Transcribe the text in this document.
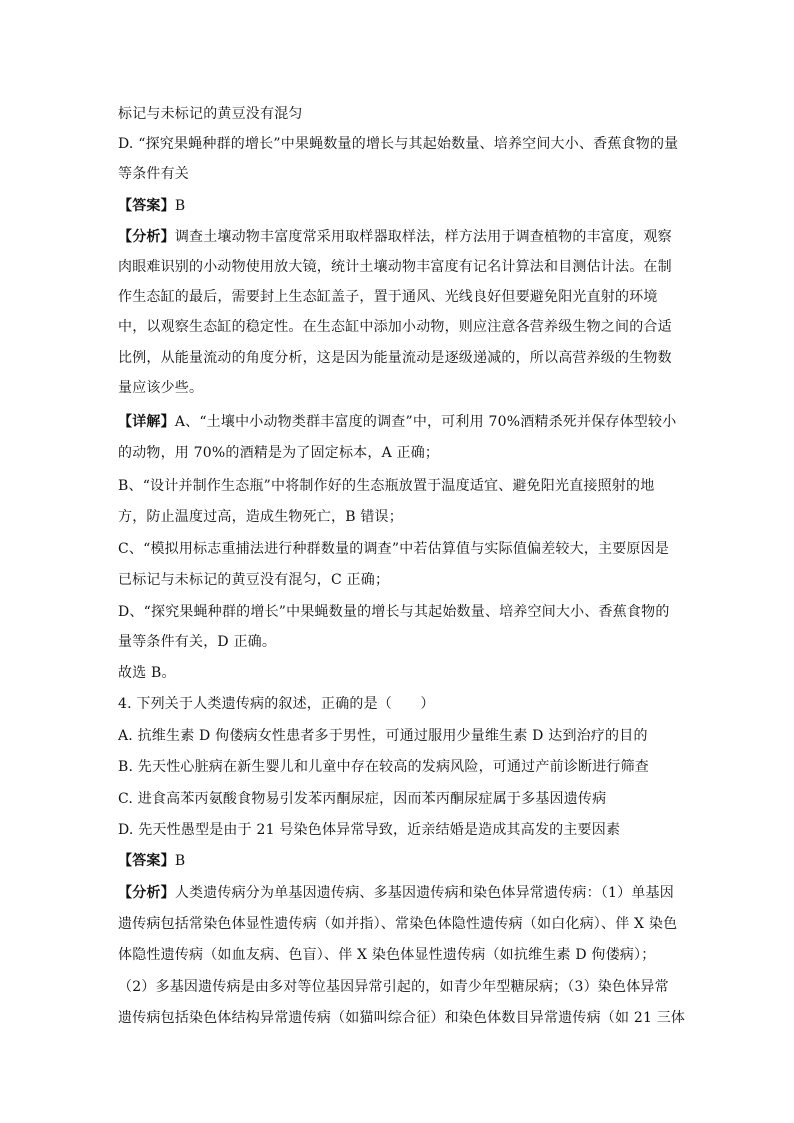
标记与未标记的黄豆没有混匀
D. “探究果蝇种群的增长”中果蝇数量的增长与其起始数量、培养空间大小、香蕉食物的量
等条件有关
【答案】B
【分析】调查土壤动物丰富度常采用取样器取样法，样方法用于调查植物的丰富度，观察
肉眼难识别的小动物使用放大镜，统计土壤动物丰富度有记名计算法和目测估计法。在制
作生态缸的最后，需要封上生态缸盖子，置于通风、光线良好但要避免阳光直射的环境
中，以观察生态缸的稳定性。在生态缸中添加小动物，则应注意各营养级生物之间的合适
比例，从能量流动的角度分析，这是因为能量流动是逐级递减的，所以高营养级的生物数
量应该少些。
【详解】A、“土壤中小动物类群丰富度的调查”中，可利用 70%酒精杀死并保存体型较小
的动物，用 70%的酒精是为了固定标本，A 正确；
B、“设计并制作生态瓶”中将制作好的生态瓶放置于温度适宜、避免阳光直接照射的地
方，防止温度过高，造成生物死亡，B 错误；
C、“模拟用标志重捕法进行种群数量的调查”中若估算值与实际值偏差较大，主要原因是
已标记与未标记的黄豆没有混匀，C 正确；
D、“探究果蝇种群的增长”中果蝇数量的增长与其起始数量、培养空间大小、香蕉食物的
量等条件有关，D 正确。
故选 B。
4. 下列关于人类遗传病的叙述，正确的是（　　）
A. 抗维生素 D 佝偻病女性患者多于男性，可通过服用少量维生素 D 达到治疗的目的
B. 先天性心脏病在新生婴儿和儿童中存在较高的发病风险，可通过产前诊断进行筛查
C. 进食高苯丙氨酸食物易引发苯丙酮尿症，因而苯丙酮尿症属于多基因遗传病
D. 先天性愚型是由于 21 号染色体异常导致，近亲结婚是造成其高发的主要因素
【答案】B
【分析】人类遗传病分为单基因遗传病、多基因遗传病和染色体异常遗传病：（1）单基因
遗传病包括常染色体显性遗传病（如并指）、常染色体隐性遗传病（如白化病）、伴 X 染色
体隐性遗传病（如血友病、色盲）、伴 X 染色体显性遗传病（如抗维生素 D 佝偻病）；
（2）多基因遗传病是由多对等位基因异常引起的，如青少年型糖尿病；（3）染色体异常
遗传病包括染色体结构异常遗传病（如猫叫综合征）和染色体数目异常遗传病（如 21 三体
